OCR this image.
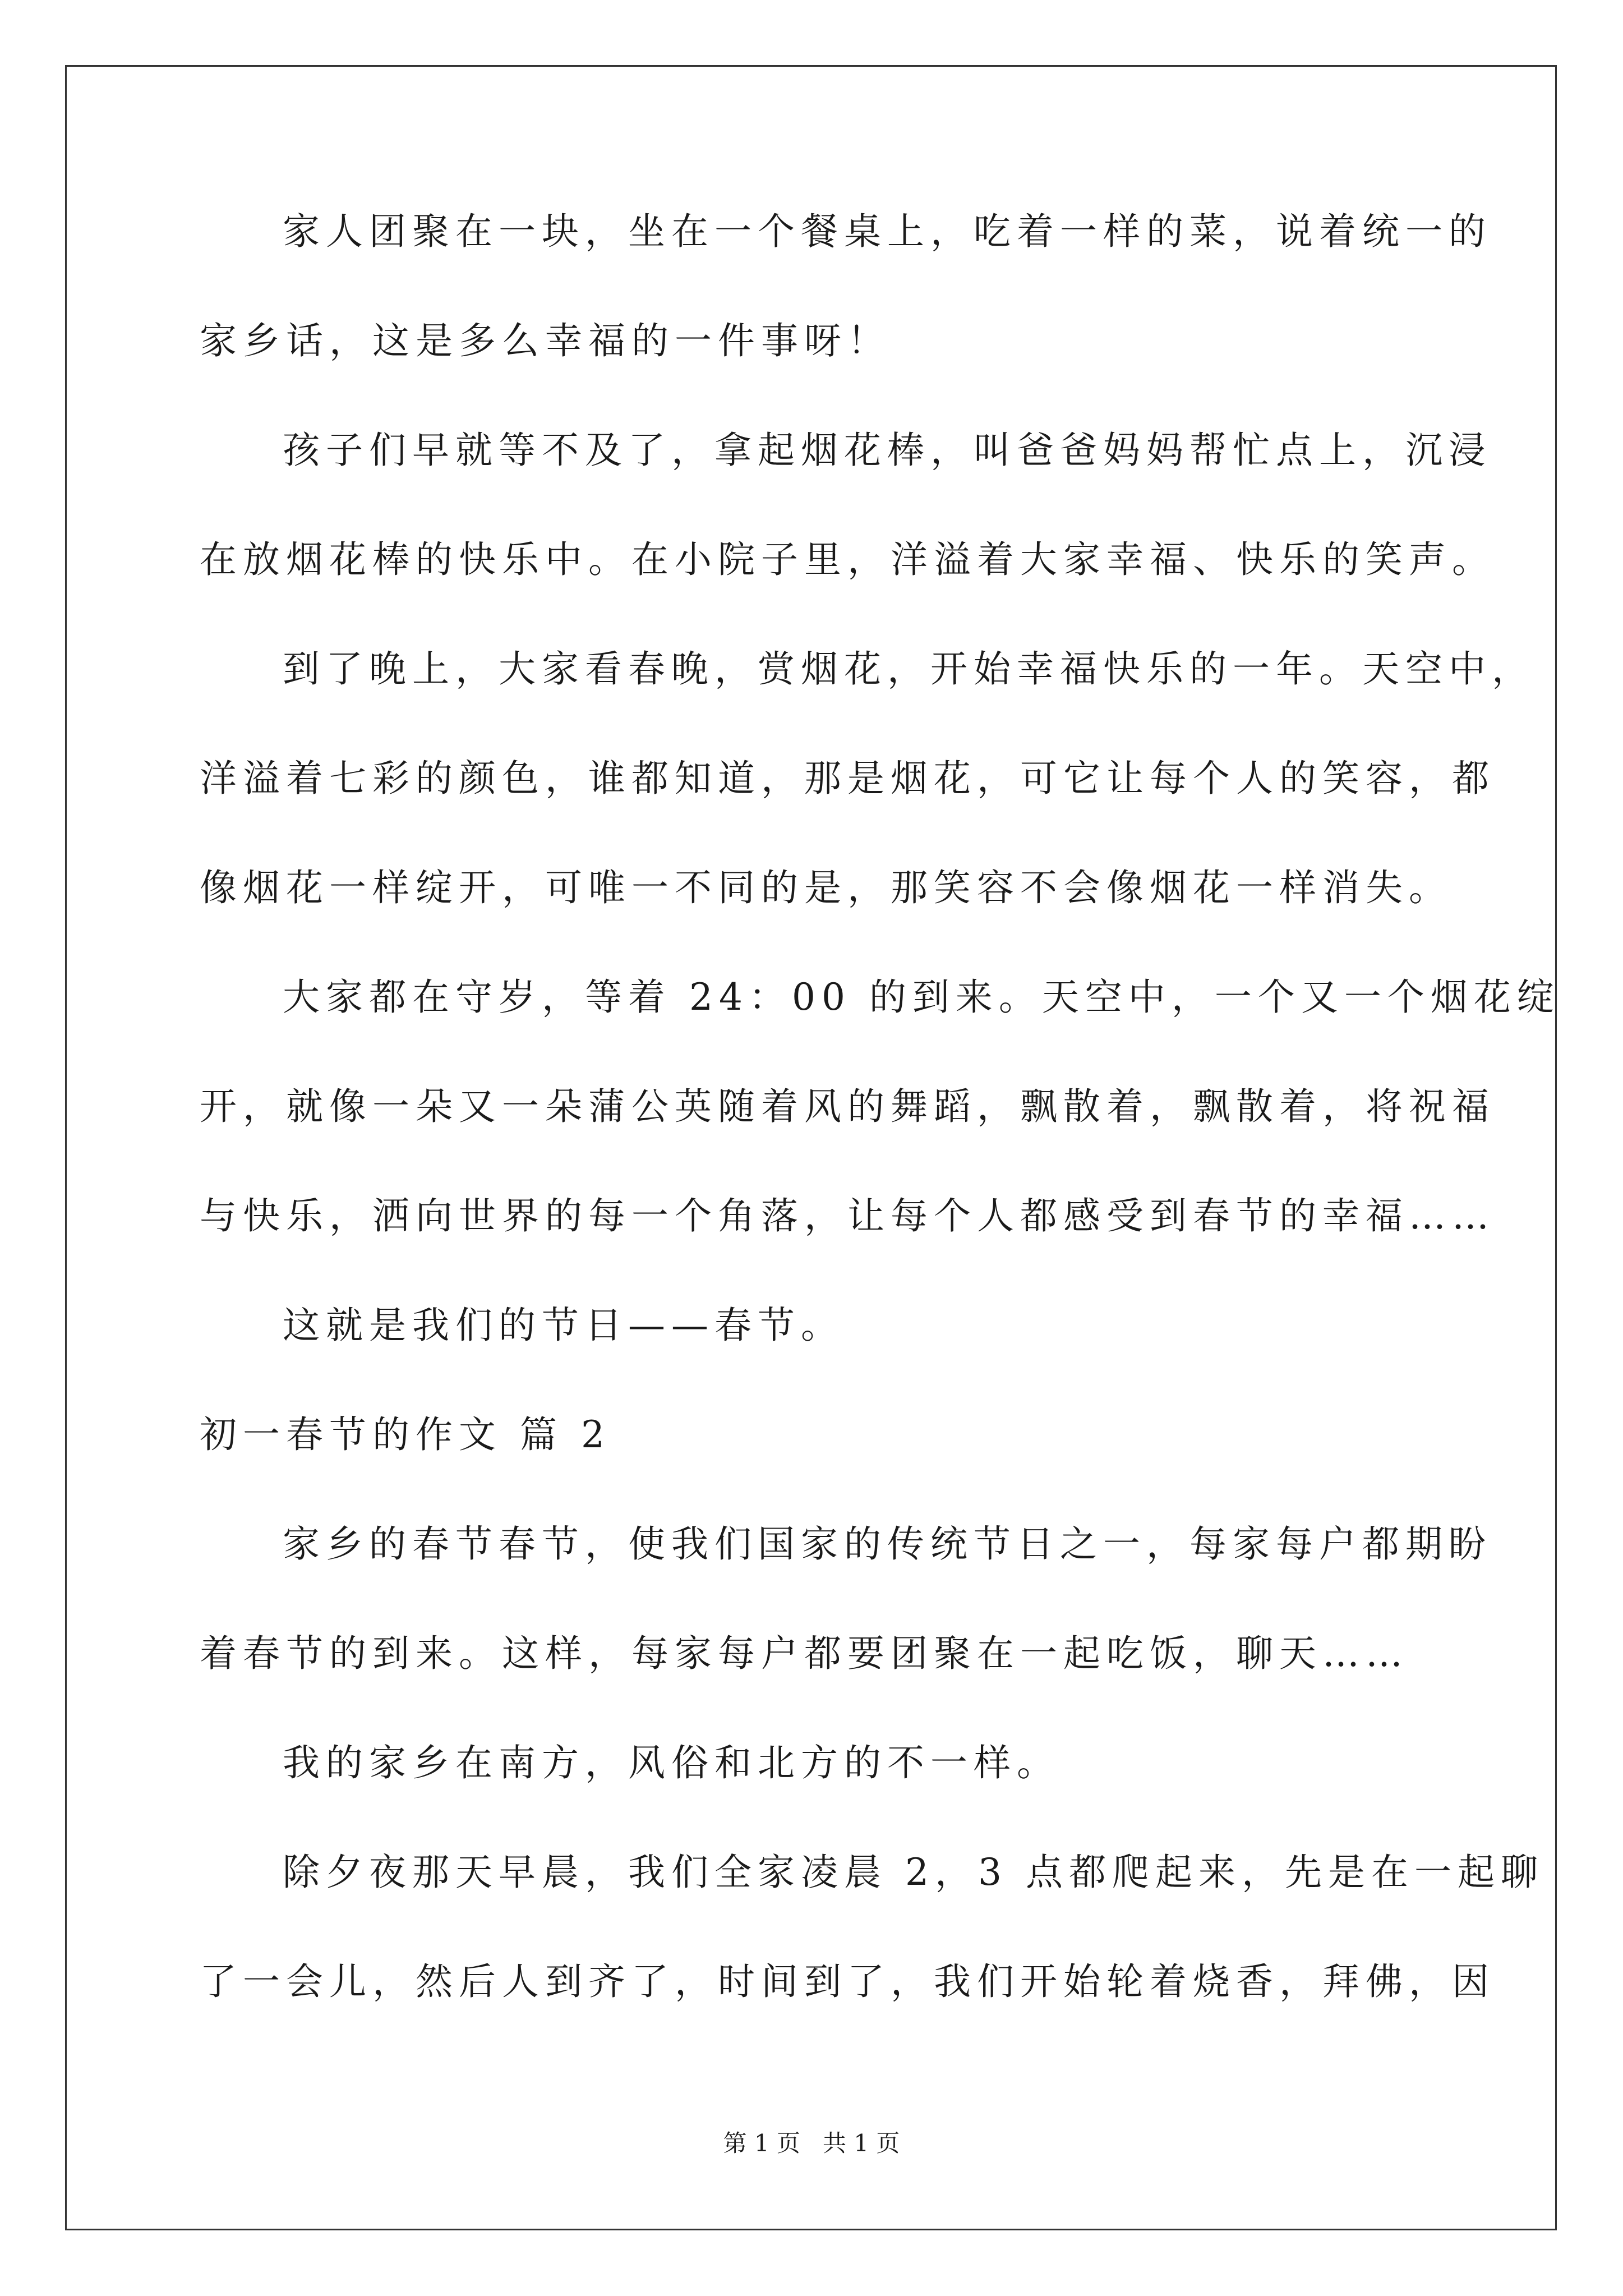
家人团聚在一块，坐在一个餐桌上，吃着一样的菜，说着统一的
家乡话，这是多么幸福的一件事呀！
孩子们早就等不及了，拿起烟花棒，叫爸爸妈妈帮忙点上，沉浸
在放烟花棒的快乐中。在小院子里，洋溢着大家幸福、快乐的笑声。
到了晚上，大家看春晚，赏烟花，开始幸福快乐的一年。天空中，
洋溢着七彩的颜色，谁都知道，那是烟花，可它让每个人的笑容，都
像烟花一样绽开，可唯一不同的是，那笑容不会像烟花一样消失。
大家都在守岁，等着 24：00 的到来。天空中，一个又一个烟花绽
开，就像一朵又一朵蒲公英随着风的舞蹈，飘散着，飘散着，将祝福
与快乐，洒向世界的每一个角落，让每个人都感受到春节的幸福……
这就是我们的节日——春节。
初一春节的作文 篇 2
家乡的春节春节，使我们国家的传统节日之一，每家每户都期盼
着春节的到来。这样，每家每户都要团聚在一起吃饭，聊天……
我的家乡在南方，风俗和北方的不一样。
除夕夜那天早晨，我们全家凌晨 2，3 点都爬起来，先是在一起聊
了一会儿，然后人到齐了，时间到了，我们开始轮着烧香，拜佛，因
第 1 页 共 1 页
